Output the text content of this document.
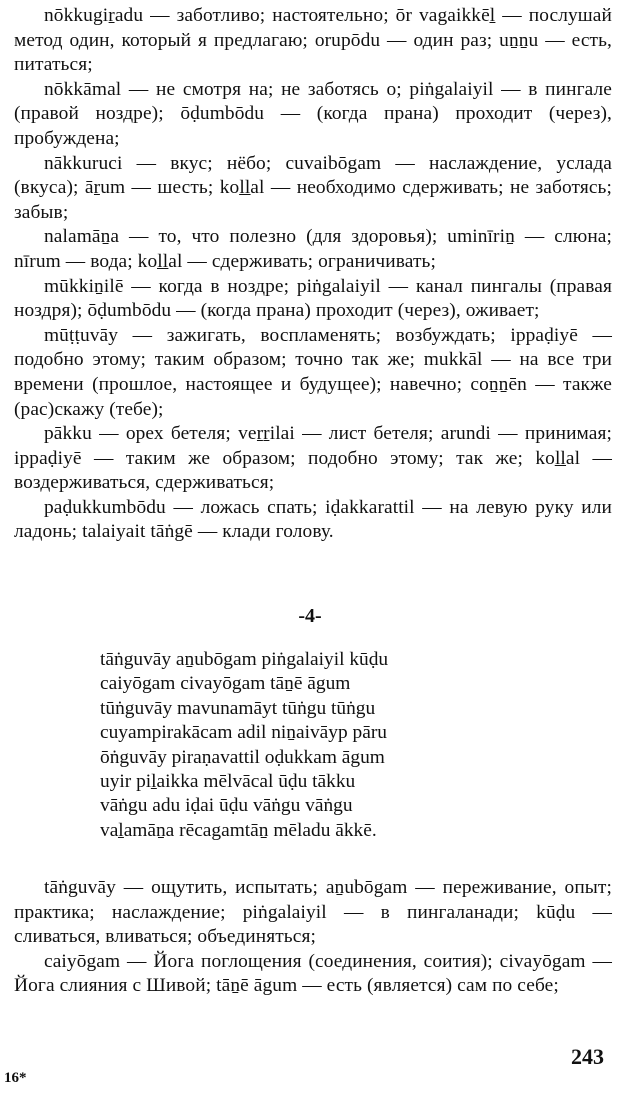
nōkkugiṟadu — заботливо; настоятельно; ōr vagaikkēḻ — послушай метод один, который я предлагаю; orupōdu — один раз; uṉṉu — есть, питаться;

nōkkāmal — не смотря на; не заботясь о; piṅgalaiyil — в пингале (правой ноздре); ōḍumbōdu — (когда прана) проходит (через), пробуждена;

nākkuruci — вкус; нёбо; cuvaibōgam — наслаждение, услада (вкуса); āṟum — шесть; koḻḻal — необходимо сдерживать; не заботясь; забыв;

nalamāṉa — то, что полезно (для здоровья); uminīriṉ — слюна; nīrum — вода; koḻḻal — сдерживать; ограничивать;

mūkkiṉilē — когда в ноздре; piṅgalaiyil — канал пингалы (правая ноздря); ōḍumbōdu — (когда прана) проходит (через), оживает;

mūṭṭuvāy — зажигать, воспламенять; возбуждать; ippaḍiyē — подобно этому; таким образом; точно так же; mukkāl — на все три времени (прошлое, настоящее и будущее); навечно; coṉṉēn — также (рас)скажу (тебе);

pākku — орех бетеля; veṟṟilai — лист бетеля; arundi — принимая; ippaḍiyē — таким же образом; подобно этому; так же; koḻḻal — воздерживаться, сдерживаться;

paḍukkumbōdu — ложась спать; iḍakkarattil — на левую руку или ладонь; talaiyait tāṅgē — клади голову.

-4-

tāṅguvāy aṉubōgam piṅgalaiyil kūḍu

caiyōgam civayōgam tāṉē āgum

tūṅguvāy mavunamāyt tūṅgu tūṅgu

cuyampirakācam adil niṉaivāyp pāru

ōṅguvāy piraṇavattil oḍukkam āgum

uyir piḻaikka mēlvācal ūḍu tākku

vāṅgu adu iḍai ūḍu vāṅgu vāṅgu

vaḻamāṉa rēcagamtāṉ mēladu ākkē.

tāṅguvāy — ощутить, испытать; aṉubōgam — переживание, опыт; практика; наслаждение; piṅgalaiyil — в пингаланади; kūḍu — сливаться, вливаться; объединяться;

caiyōgam — Йога поглощения (соединения, соития); civayōgam — Йога слияния с Шивой; tāṉē āgum — есть (является) сам по себе;

243
16*
